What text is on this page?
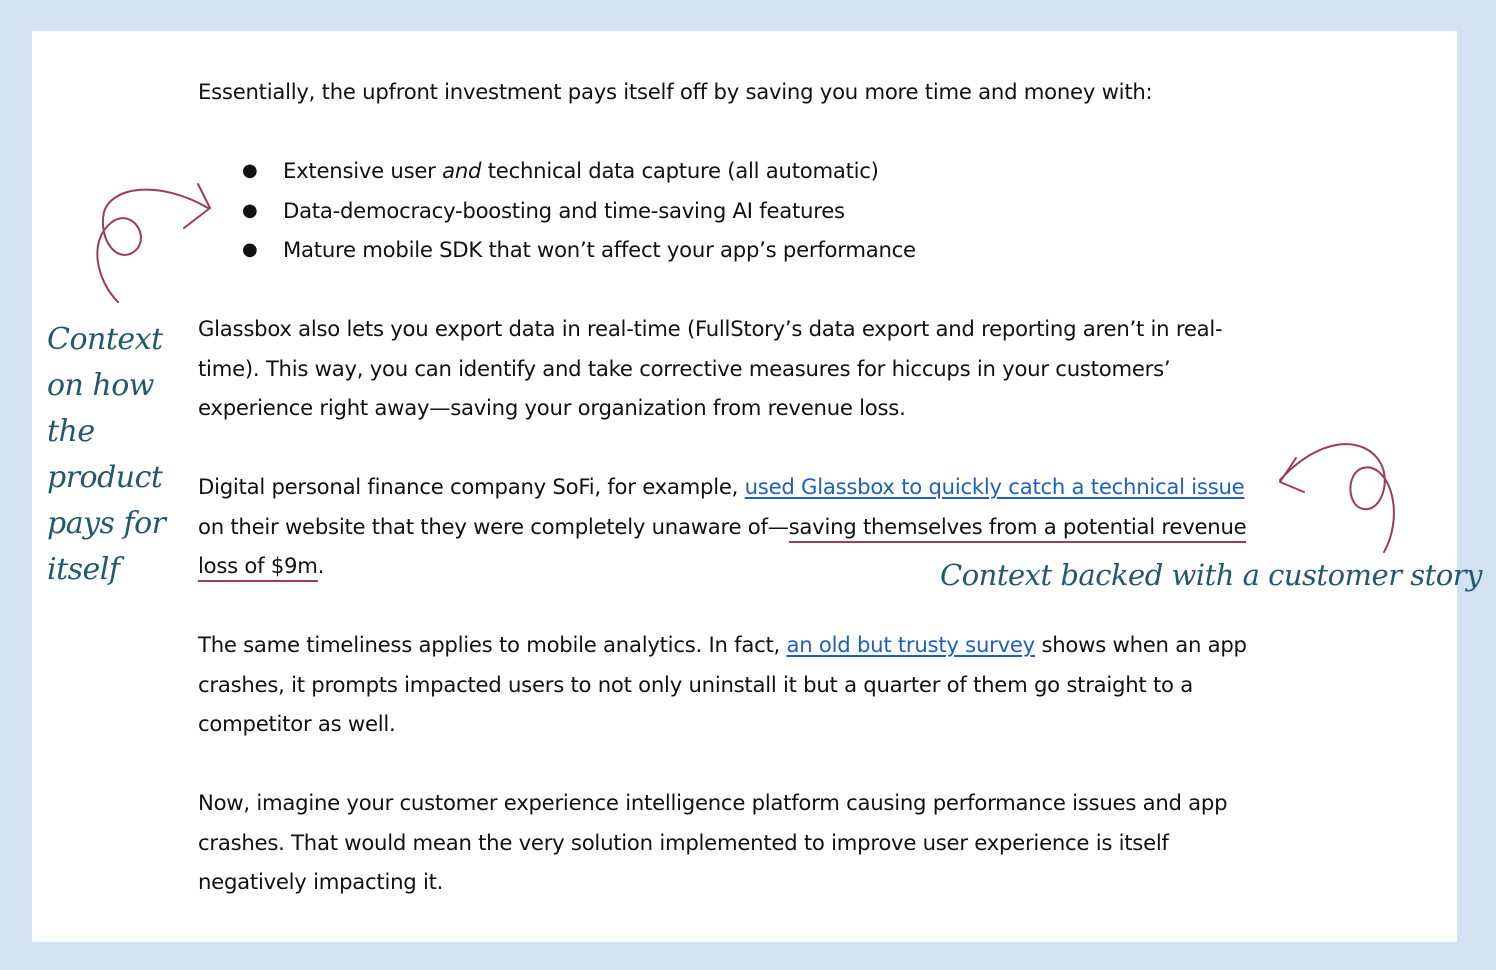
Essentially, the upfront investment pays itself off by saving you more time and money with:

● Extensive user and technical data capture (all automatic)
● Data-democracy-boosting and time-saving AI features
● Mature mobile SDK that won’t affect your app’s performance

Glassbox also lets you export data in real-time (FullStory’s data export and reporting aren’t in real-time). This way, you can identify and take corrective measures for hiccups in your customers’ experience right away—saving your organization from revenue loss.

Digital personal finance company SoFi, for example, used Glassbox to quickly catch a technical issue on their website that they were completely unaware of—saving themselves from a potential revenue loss of $9m.

The same timeliness applies to mobile analytics. In fact, an old but trusty survey shows when an app crashes, it prompts impacted users to not only uninstall it but a quarter of them go straight to a competitor as well.

Now, imagine your customer experience intelligence platform causing performance issues and app crashes. That would mean the very solution implemented to improve user experience is itself negatively impacting it.

Context on how the product pays for itself	Context backed with a customer story
